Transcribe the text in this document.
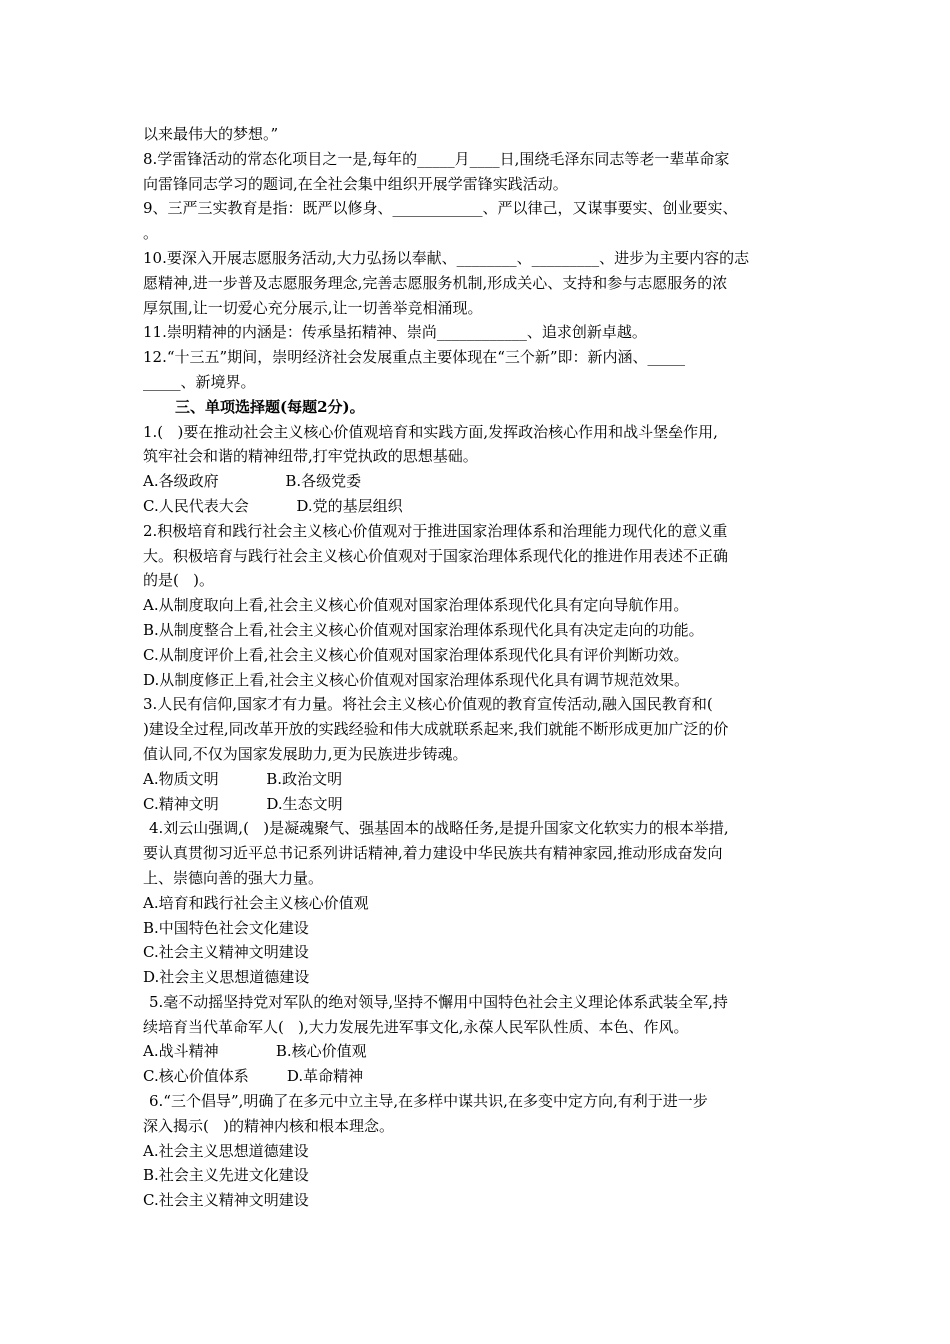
以来最伟大的梦想。”
8.学雷锋活动的常态化项目之一是,每年的_____月____日,围绕毛泽东同志等老一辈革命家
向雷锋同志学习的题词,在全社会集中组织开展学雷锋实践活动。
9、三严三实教育是指：既严以修身、____________、严以律己，又谋事要实、创业要实、
。
10.要深入开展志愿服务活动,大力弘扬以奉献、________、_________、进步为主要内容的志
愿精神,进一步普及志愿服务理念,完善志愿服务机制,形成关心、支持和参与志愿服务的浓
厚氛围,让一切爱心充分展示,让一切善举竞相涌现。
11.崇明精神的内涵是：传承垦拓精神、崇尚____________、追求创新卓越。
12.“十三五”期间，崇明经济社会发展重点主要体现在“三个新”即：新内涵、_____
_____、新境界。
三、单项选择题(每题2分)。
1.(   )要在推动社会主义核心价值观培育和实践方面,发挥政治核心作用和战斗堡垒作用,
筑牢社会和谐的精神纽带,打牢党执政的思想基础。
A.各级政府              B.各级党委
C.人民代表大会          D.党的基层组织
2.积极培育和践行社会主义核心价值观对于推进国家治理体系和治理能力现代化的意义重
大。积极培育与践行社会主义核心价值观对于国家治理体系现代化的推进作用表述不正确
的是(   )。
A.从制度取向上看,社会主义核心价值观对国家治理体系现代化具有定向导航作用。
B.从制度整合上看,社会主义核心价值观对国家治理体系现代化具有决定走向的功能。
C.从制度评价上看,社会主义核心价值观对国家治理体系现代化具有评价判断功效。
D.从制度修正上看,社会主义核心价值观对国家治理体系现代化具有调节规范效果。
3.人民有信仰,国家才有力量。将社会主义核心价值观的教育宣传活动,融入国民教育和(
)建设全过程,同改革开放的实践经验和伟大成就联系起来,我们就能不断形成更加广泛的价
值认同,不仅为国家发展助力,更为民族进步铸魂。
A.物质文明          B.政治文明
C.精神文明          D.生态文明
4.刘云山强调,(   )是凝魂聚气、强基固本的战略任务,是提升国家文化软实力的根本举措,
要认真贯彻习近平总书记系列讲话精神,着力建设中华民族共有精神家园,推动形成奋发向
上、崇德向善的强大力量。
A.培育和践行社会主义核心价值观
B.中国特色社会文化建设
C.社会主义精神文明建设
D.社会主义思想道德建设
5.毫不动摇坚持党对军队的绝对领导,坚持不懈用中国特色社会主义理论体系武装全军,持
续培育当代革命军人(   ),大力发展先进军事文化,永葆人民军队性质、本色、作风。
A.战斗精神            B.核心价值观
C.核心价值体系        D.革命精神
6.“三个倡导”,明确了在多元中立主导,在多样中谋共识,在多变中定方向,有利于进一步
深入揭示(   )的精神内核和根本理念。
A.社会主义思想道德建设
B.社会主义先进文化建设
C.社会主义精神文明建设
